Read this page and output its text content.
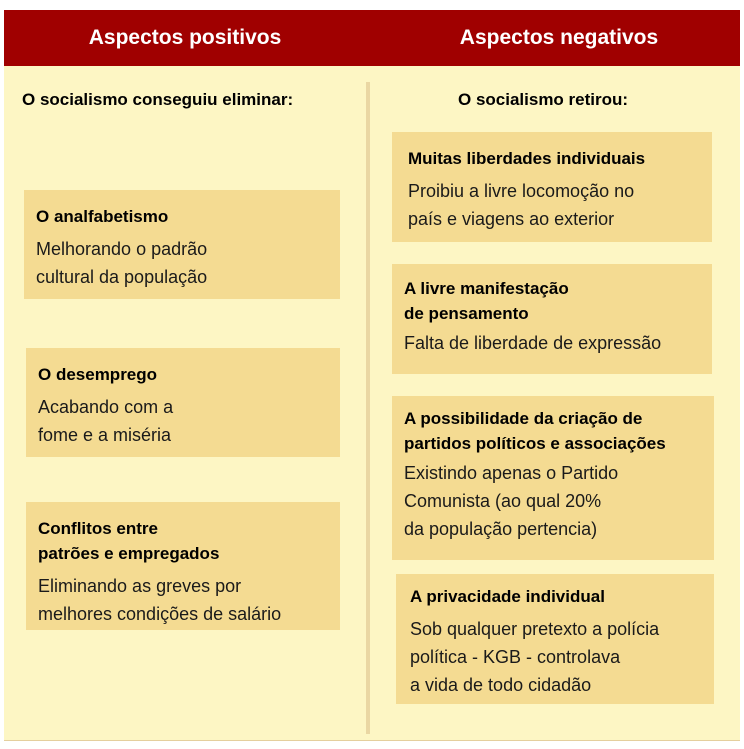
Aspectos positivos	Aspectos negativos
O socialismo conseguiu eliminar:	O socialismo retirou:
O analfabetismo
Melhorando o padrão
cultural da população
O desemprego
Acabando com a
fome e a miséria
Conflitos entre
patrões e empregados
Eliminando as greves por
melhores condições de salário
Muitas liberdades individuais
Proibiu a livre locomoção no
país e viagens ao exterior
A livre manifestação
de pensamento
Falta de liberdade de expressão
A possibilidade da criação de
partidos políticos e associações
Existindo apenas o Partido
Comunista (ao qual 20%
da população pertencia)
A privacidade individual
Sob qualquer pretexto a polícia
política - KGB - controlava
a vida de todo cidadão
